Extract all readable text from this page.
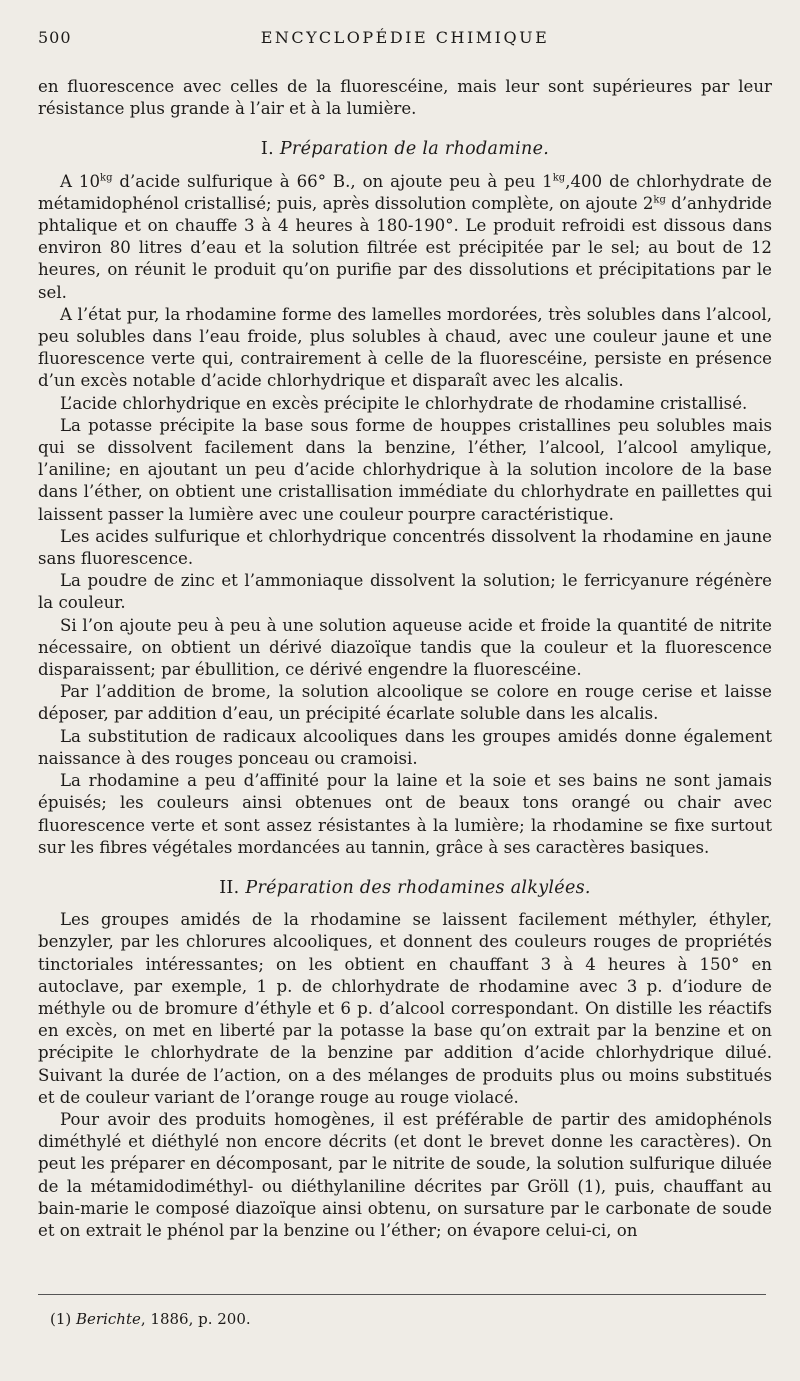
500	ENCYCLOPÉDIE CHIMIQUE

en fluorescence avec celles de la fluorescéine, mais leur sont supérieures par leur résistance plus grande à l’air et à la lumière.

I. Préparation de la rhodamine.

A $10^{kg}$ d’acide sulfurique à 66° B., on ajoute peu à peu $1^{kg},400$ de chlorhydrate de métamidophénol cristallisé; puis, après dissolution complète, on ajoute $2^{kg}$ d’anhydride phtalique et on chauffe 3 à 4 heures à 180-190°. Le produit refroidi est dissous dans environ 80 litres d’eau et la solution filtrée est précipitée par le sel; au bout de 12 heures, on réunit le produit qu’on purifie par des dissolutions et précipitations par le sel.

A l’état pur, la rhodamine forme des lamelles mordorées, très solubles dans l’alcool, peu solubles dans l’eau froide, plus solubles à chaud, avec une couleur jaune et une fluorescence verte qui, contrairement à celle de la fluorescéine, persiste en présence d’un excès notable d’acide chlorhydrique et disparaît avec les alcalis.

L’acide chlorhydrique en excès précipite le chlorhydrate de rhodamine cristallisé.

La potasse précipite la base sous forme de houppes cristallines peu solubles mais qui se dissolvent facilement dans la benzine, l’éther, l’alcool, l’alcool amylique, l’aniline; en ajoutant un peu d’acide chlorhydrique à la solution incolore de la base dans l’éther, on obtient une cristallisation immédiate du chlorhydrate en paillettes qui laissent passer la lumière avec une couleur pourpre caractéristique.

Les acides sulfurique et chlorhydrique concentrés dissolvent la rhodamine en jaune sans fluorescence.

La poudre de zinc et l’ammoniaque dissolvent la solution; le ferricyanure régénère la couleur.

Si l’on ajoute peu à peu à une solution aqueuse acide et froide la quantité de nitrite nécessaire, on obtient un dérivé diazoïque tandis que la couleur et la fluorescence disparaissent; par ébullition, ce dérivé engendre la fluorescéine.

Par l’addition de brome, la solution alcoolique se colore en rouge cerise et laisse déposer, par addition d’eau, un précipité écarlate soluble dans les alcalis.

La substitution de radicaux alcooliques dans les groupes amidés donne également naissance à des rouges ponceau ou cramoisi.

La rhodamine a peu d’affinité pour la laine et la soie et ses bains ne sont jamais épuisés; les couleurs ainsi obtenues ont de beaux tons orangé ou chair avec fluorescence verte et sont assez résistantes à la lumière; la rhodamine se fixe surtout sur les fibres végétales mordancées au tannin, grâce à ses caractères basiques.

II. Préparation des rhodamines alkylées.

Les groupes amidés de la rhodamine se laissent facilement méthyler, éthyler, benzyler, par les chlorures alcooliques, et donnent des couleurs rouges de propriétés tinctoriales intéressantes; on les obtient en chauffant 3 à 4 heures à 150° en autoclave, par exemple, 1 p. de chlorhydrate de rhodamine avec 3 p. d’iodure de méthyle ou de bromure d’éthyle et 6 p. d’alcool correspondant. On distille les réactifs en excès, on met en liberté par la potasse la base qu’on extrait par la benzine et on précipite le chlorhydrate de la benzine par addition d’acide chlorhydrique dilué. Suivant la durée de l’action, on a des mélanges de produits plus ou moins substitués et de couleur variant de l’orange rouge au rouge violacé.

Pour avoir des produits homogènes, il est préférable de partir des amidophénols diméthylé et diéthylé non encore décrits (et dont le brevet donne les caractères). On peut les préparer en décomposant, par le nitrite de soude, la solution sulfurique diluée de la métamidodiméthyl- ou diéthylaniline décrites par Gröll (1), puis, chauffant au bain-marie le composé diazoïque ainsi obtenu, on sursature par le carbonate de soude et on extrait le phénol par la benzine ou l’éther; on évapore celui-ci, on

(1) Berichte, 1886, p. 200.
